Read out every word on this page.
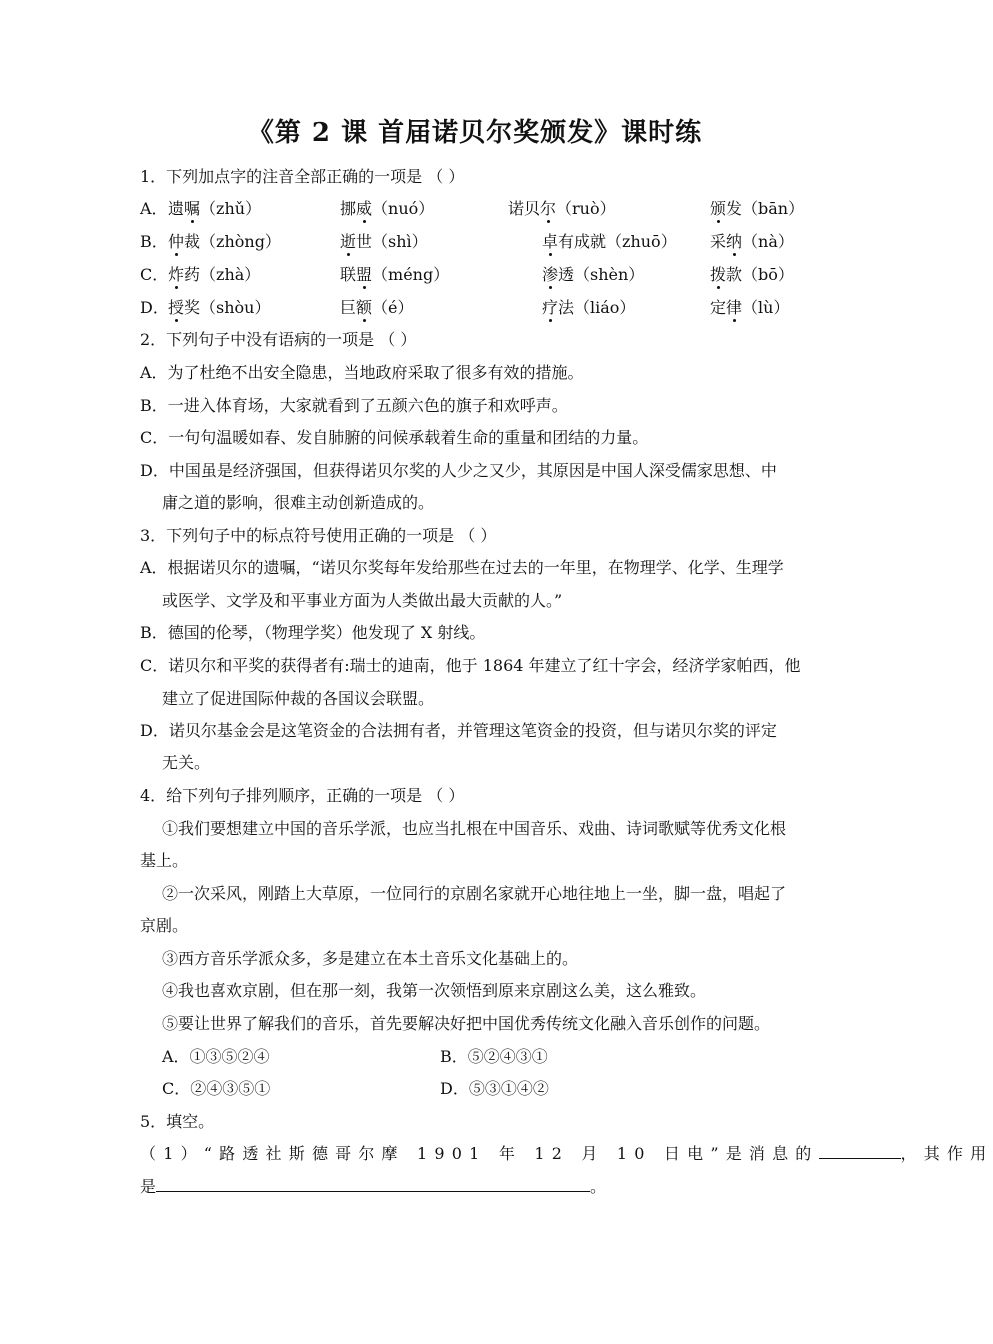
《第 2 课 首届诺贝尔奖颁发》课时练
1．下列加点字的注音全部正确的一项是 （ ）
A． 遗嘱（zhǔ）	挪威（nuó）	诺贝尔（ruò）	颁发（bān）
B． 仲裁（zhòng）	逝世（shì）	卓有成就（zhuō） 采纳（nà）
C． 炸药（zhà）	联盟（méng）	渗透（shèn）	拨款（bō）
D． 授奖（shòu）	巨额（é）	疗法（liáo）	定律（lù）
2．下列句子中没有语病的一项是 （ ）
A．为了杜绝不出安全隐患，当地政府采取了很多有效的措施。
B．一进入体育场，大家就看到了五颜六色的旗子和欢呼声。
C．一句句温暖如春、发自肺腑的问候承载着生命的重量和团结的力量。
D．中国虽是经济强国，但获得诺贝尔奖的人少之又少，其原因是中国人深受儒家思想、中
庸之道的影响，很难主动创新造成的。
3．下列句子中的标点符号使用正确的一项是 （ ）
A．根据诺贝尔的遗嘱，“诺贝尔奖每年发给那些在过去的一年里，在物理学、化学、生理学
或医学、文学及和平事业方面为人类做出最大贡献的人。”
B．德国的伦琴，（物理学奖）他发现了 X 射线。
C．诺贝尔和平奖的获得者有:瑞士的迪南，他于 1864 年建立了红十字会，经济学家帕西，他
建立了促进国际仲裁的各国议会联盟。
D．诺贝尔基金会是这笔资金的合法拥有者，并管理这笔资金的投资，但与诺贝尔奖的评定
无关。
4．给下列句子排列顺序，正确的一项是 （ ）
①我们要想建立中国的音乐学派，也应当扎根在中国音乐、戏曲、诗词歌赋等优秀文化根
基上。
②一次采风，刚踏上大草原，一位同行的京剧名家就开心地往地上一坐，脚一盘，唱起了
京剧。
③西方音乐学派众多，多是建立在本土音乐文化基础上的。
④我也喜欢京剧，但在那一刻，我第一次领悟到原来京剧这么美，这么雅致。
⑤要让世界了解我们的音乐，首先要解决好把中国优秀传统文化融入音乐创作的问题。
A．①③⑤②④	B．⑤②④③①
C．②④③⑤①	D．⑤③①④②
5．填空。
（1）“路透社斯德哥尔摩 1901 年 12 月 10 日电”是消息的	，其作用
是	。
